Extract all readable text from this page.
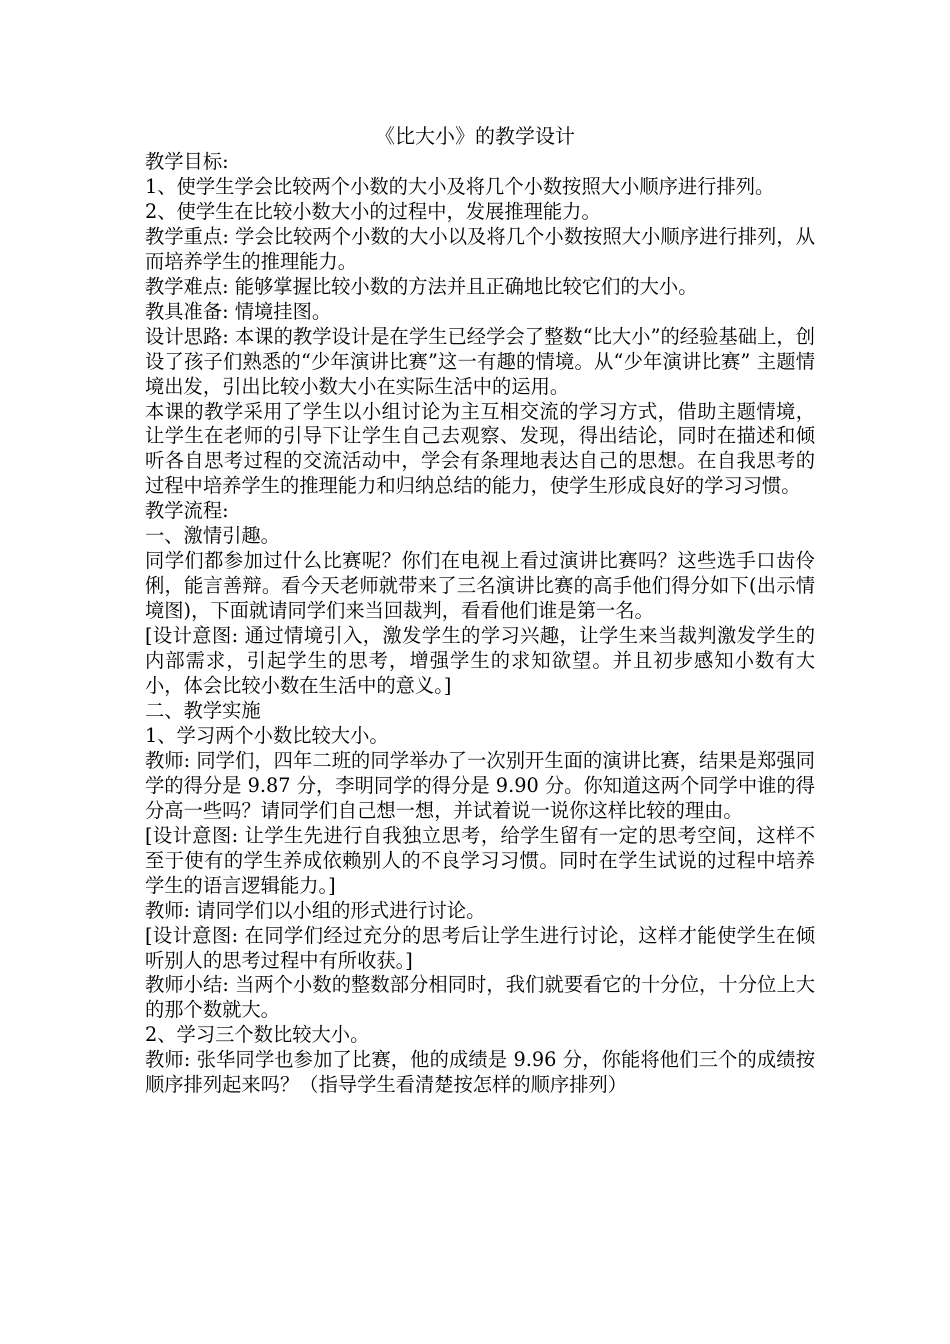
《比大小》的教学设计

教学目标:

1、使学生学会比较两个小数的大小及将几个小数按照大小顺序进行排列。

2、使学生在比较小数大小的过程中，发展推理能力。

教学重点: 学会比较两个小数的大小以及将几个小数按照大小顺序进行排列，从而培养学生的推理能力。

教学难点: 能够掌握比较小数的方法并且正确地比较它们的大小。

教具准备: 情境挂图。

设计思路: 本课的教学设计是在学生已经学会了整数“比大小”的经验基础上，创设了孩子们熟悉的“少年演讲比赛”这一有趣的情境。从“少年演讲比赛” 主题情境出发，引出比较小数大小在实际生活中的运用。

本课的教学采用了学生以小组讨论为主互相交流的学习方式，借助主题情境，让学生在老师的引导下让学生自己去观察、发现，得出结论，同时在描述和倾听各自思考过程的交流活动中，学会有条理地表达自己的思想。在自我思考的过程中培养学生的推理能力和归纳总结的能力，使学生形成良好的学习习惯。

教学流程:

一、激情引趣。

同学们都参加过什么比赛呢？你们在电视上看过演讲比赛吗？这些选手口齿伶俐，能言善辩。看今天老师就带来了三名演讲比赛的高手他们得分如下(出示情境图)，下面就请同学们来当回裁判，看看他们谁是第一名。

[设计意图: 通过情境引入，激发学生的学习兴趣，让学生来当裁判激发学生的内部需求，引起学生的思考，增强学生的求知欲望。并且初步感知小数有大小，体会比较小数在生活中的意义。]

二、教学实施

1、学习两个小数比较大小。

教师: 同学们，四年二班的同学举办了一次别开生面的演讲比赛，结果是郑强同学的得分是 9.87 分，李明同学的得分是 9.90 分。你知道这两个同学中谁的得分高一些吗？请同学们自己想一想，并试着说一说你这样比较的理由。

[设计意图: 让学生先进行自我独立思考，给学生留有一定的思考空间，这样不至于使有的学生养成依赖别人的不良学习习惯。同时在学生试说的过程中培养学生的语言逻辑能力。]

教师: 请同学们以小组的形式进行讨论。

[设计意图: 在同学们经过充分的思考后让学生进行讨论，这样才能使学生在倾听别人的思考过程中有所收获。]

教师小结: 当两个小数的整数部分相同时，我们就要看它的十分位，十分位上大的那个数就大。

2、学习三个数比较大小。

教师: 张华同学也参加了比赛，他的成绩是 9.96 分，你能将他们三个的成绩按顺序排列起来吗？（指导学生看清楚按怎样的顺序排列）
